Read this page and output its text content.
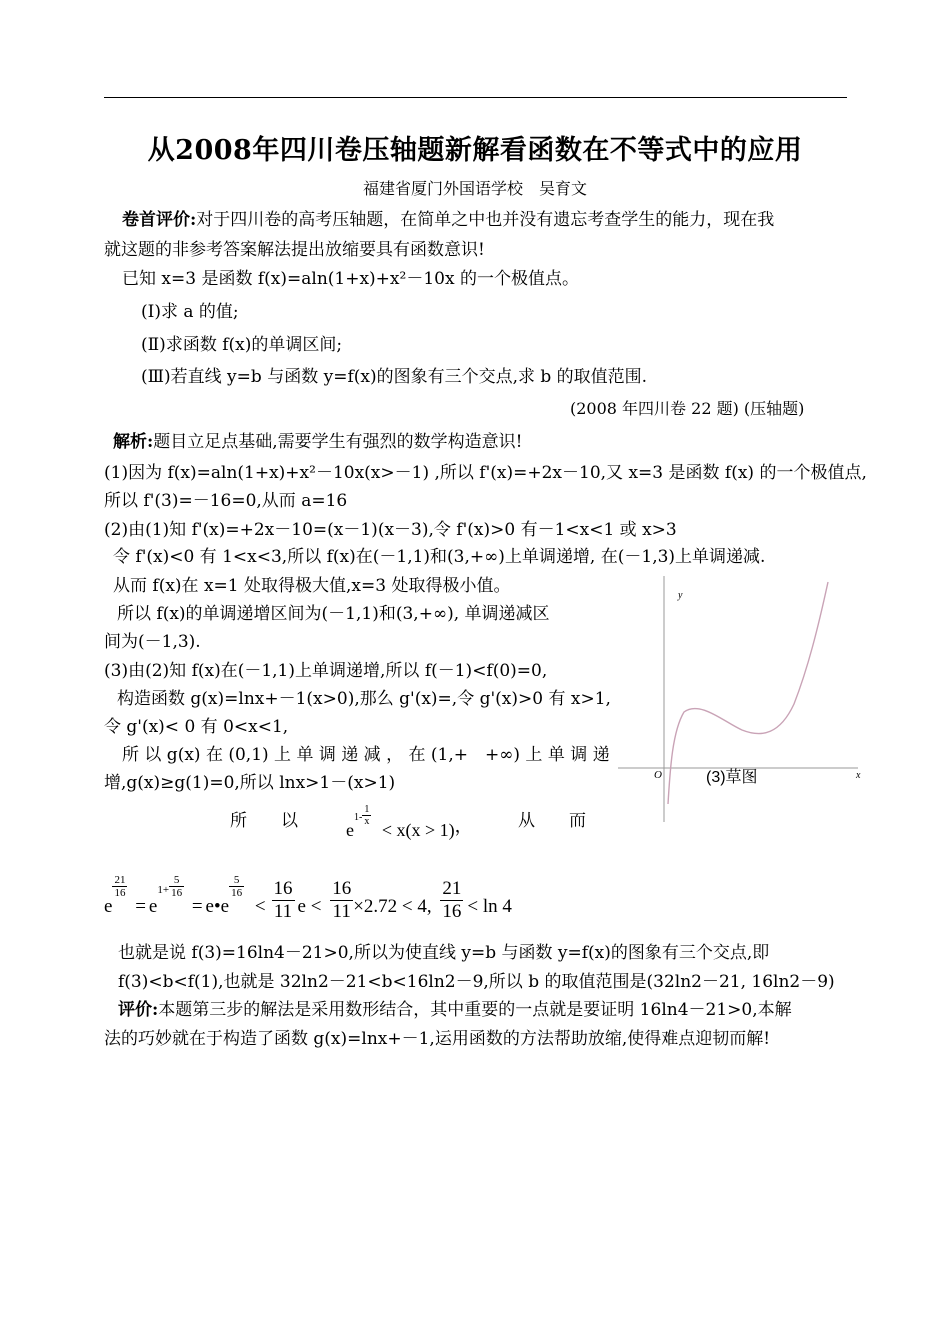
从2008年四川卷压轴题新解看函数在不等式中的应用
福建省厦门外国语学校　吴育文
卷首评价:对于四川卷的高考压轴题，在简单之中也并没有遗忘考查学生的能力，现在我
就这题的非参考答案解法提出放缩要具有函数意识!
已知 x=3 是函数 f(x)=aln(1+x)+x²－10x 的一个极值点。
(Ⅰ)求 a 的值;
(Ⅱ)求函数 f(x)的单调区间;
(Ⅲ)若直线 y=b 与函数 y=f(x)的图象有三个交点,求 b 的取值范围.
(2008 年四川卷 22 题) (压轴题)
解析:题目立足点基础,需要学生有强烈的数学构造意识!
(1)因为 f(x)=aln(1+x)+x²－10x(x>－1) ,所以 f'(x)=+2x－10,又 x=3 是函数 f(x) 的一个极值点,
所以 f'(3)=－16=0,从而 a=16
(2)由(1)知 f'(x)=+2x－10=(x－1)(x－3),令 f'(x)>0 有－1<x<1 或 x>3
令 f'(x)<0 有 1<x<3,所以 f(x)在(－1,1)和(3,+∞)上单调递增, 在(－1,3)上单调递减.
从而 f(x)在 x=1 处取得极大值,x=3 处取得极小值。
所以 f(x)的单调递增区间为(－1,1)和(3,+∞), 单调递减区
间为(－1,3).
(3)由(2)知 f(x)在(－1,1)上单调递增,所以 f(－1)<f(0)=0,
构造函数 g(x)=lnx+－1(x>0),那么 g'(x)=,令 g'(x)>0 有 x>1,
令 g'(x)< 0 有 0<x<1,
所 以 g(x) 在 (0,1) 上 单 调 递 减 ， 在 (1,+　+∞) 上 单 调 递
增,g(x)≥g(1)=0,所以 lnx>1－(x>1)
所　　以	$e^{1-} \frac{1}{x}$
< x(x > 1)，	从　　而
e
$\frac{21}{16}$
= $e^{1+} \frac{5}{16}$
= e•e
$\frac{5}{16}$
< $\frac{16}{11}$ $e < \frac{16}{11} \times 2.72 < 4$, $\frac{21}{16} < \ln 4$
也就是说 f(3)=16ln4－21>0,所以为使直线 y=b 与函数 y=f(x)的图象有三个交点,即
f(3)<b<f(1),也就是 32ln2－21<b<16ln2－9,所以 b 的取值范围是(32ln2－21, 16ln2－9)
评价:本题第三步的解法是采用数形结合，其中重要的一点就是要证明 16ln4－21>0,本解
法的巧妙就在于构造了函数 g(x)=lnx+－1,运用函数的方法帮助放缩,使得难点迎韧而解!
y
x
O	(3)草图
